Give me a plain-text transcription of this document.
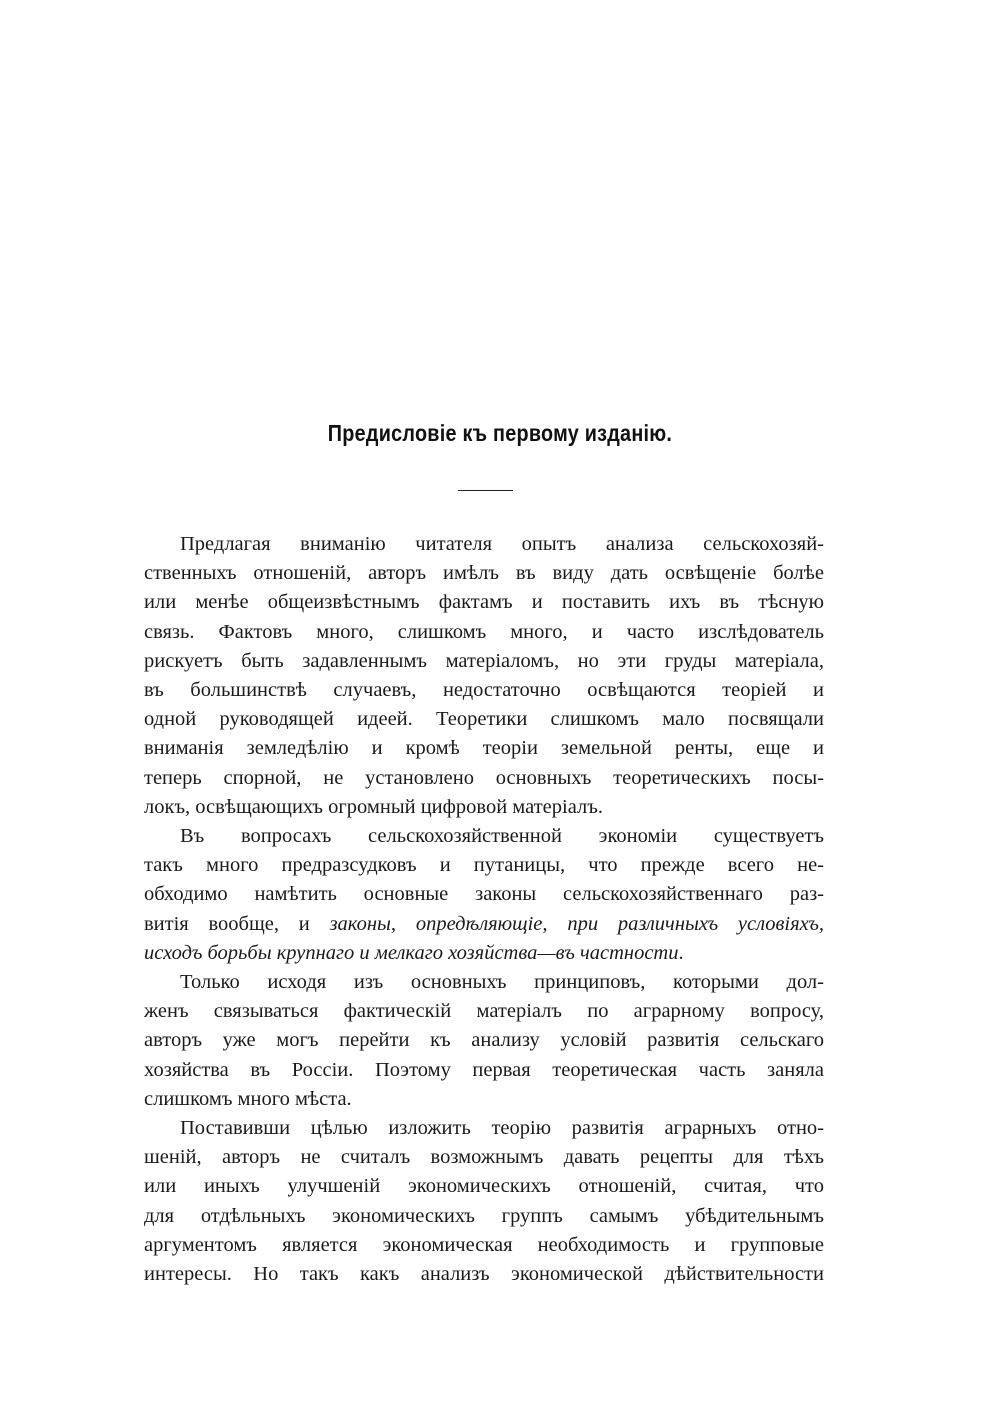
Предисловіе къ первому изданію.

Предлагая вниманію читателя опытъ анализа сельскохозяй-
ственныхъ отношеній, авторъ имѣлъ въ виду дать освѣщеніе болѣе
или менѣе общеизвѣстнымъ фактамъ и поставить ихъ въ тѣсную
связь. Фактовъ много, слишкомъ много, и часто изслѣдователь
рискуетъ быть задавленнымъ матеріаломъ, но эти груды матеріала,
въ большинствѣ случаевъ, недостаточно освѣщаются теоріей и
одной руководящей идеей. Теоретики слишкомъ мало посвящали
вниманія земледѣлію и кромѣ теоріи земельной ренты, еще и
теперь спорной, не установлено основныхъ теоретическихъ посы-
локъ, освѣщающихъ огромный цифровой матеріалъ.

Въ вопросахъ сельскохозяйственной экономіи существуетъ
такъ много предразсудковъ и путаницы, что прежде всего не-
обходимо намѣтить основные законы сельскохозяйственнаго раз-
витія вообще, и законы, опредѣляющіе, при различныхъ условіяхъ,
исходъ борьбы крупнаго и мелкаго хозяйства—въ частности.

Только исходя изъ основныхъ принциповъ, которыми дол-
женъ связываться фактическій матеріалъ по аграрному вопросу,
авторъ уже могъ перейти къ анализу условій развитія сельскаго
хозяйства въ Россіи. Поэтому первая теоретическая часть заняла
слишкомъ много мѣста.

Поставивши цѣлью изложить теорію развитія аграрныхъ отно-
шеній, авторъ не считалъ возможнымъ давать рецепты для тѣхъ
или иныхъ улучшеній экономическихъ отношеній, считая, что
для отдѣльныхъ экономическихъ группъ самымъ убѣдительнымъ
аргументомъ является экономическая необходимость и групповые
интересы. Но такъ какъ анализъ экономической дѣйствительности
